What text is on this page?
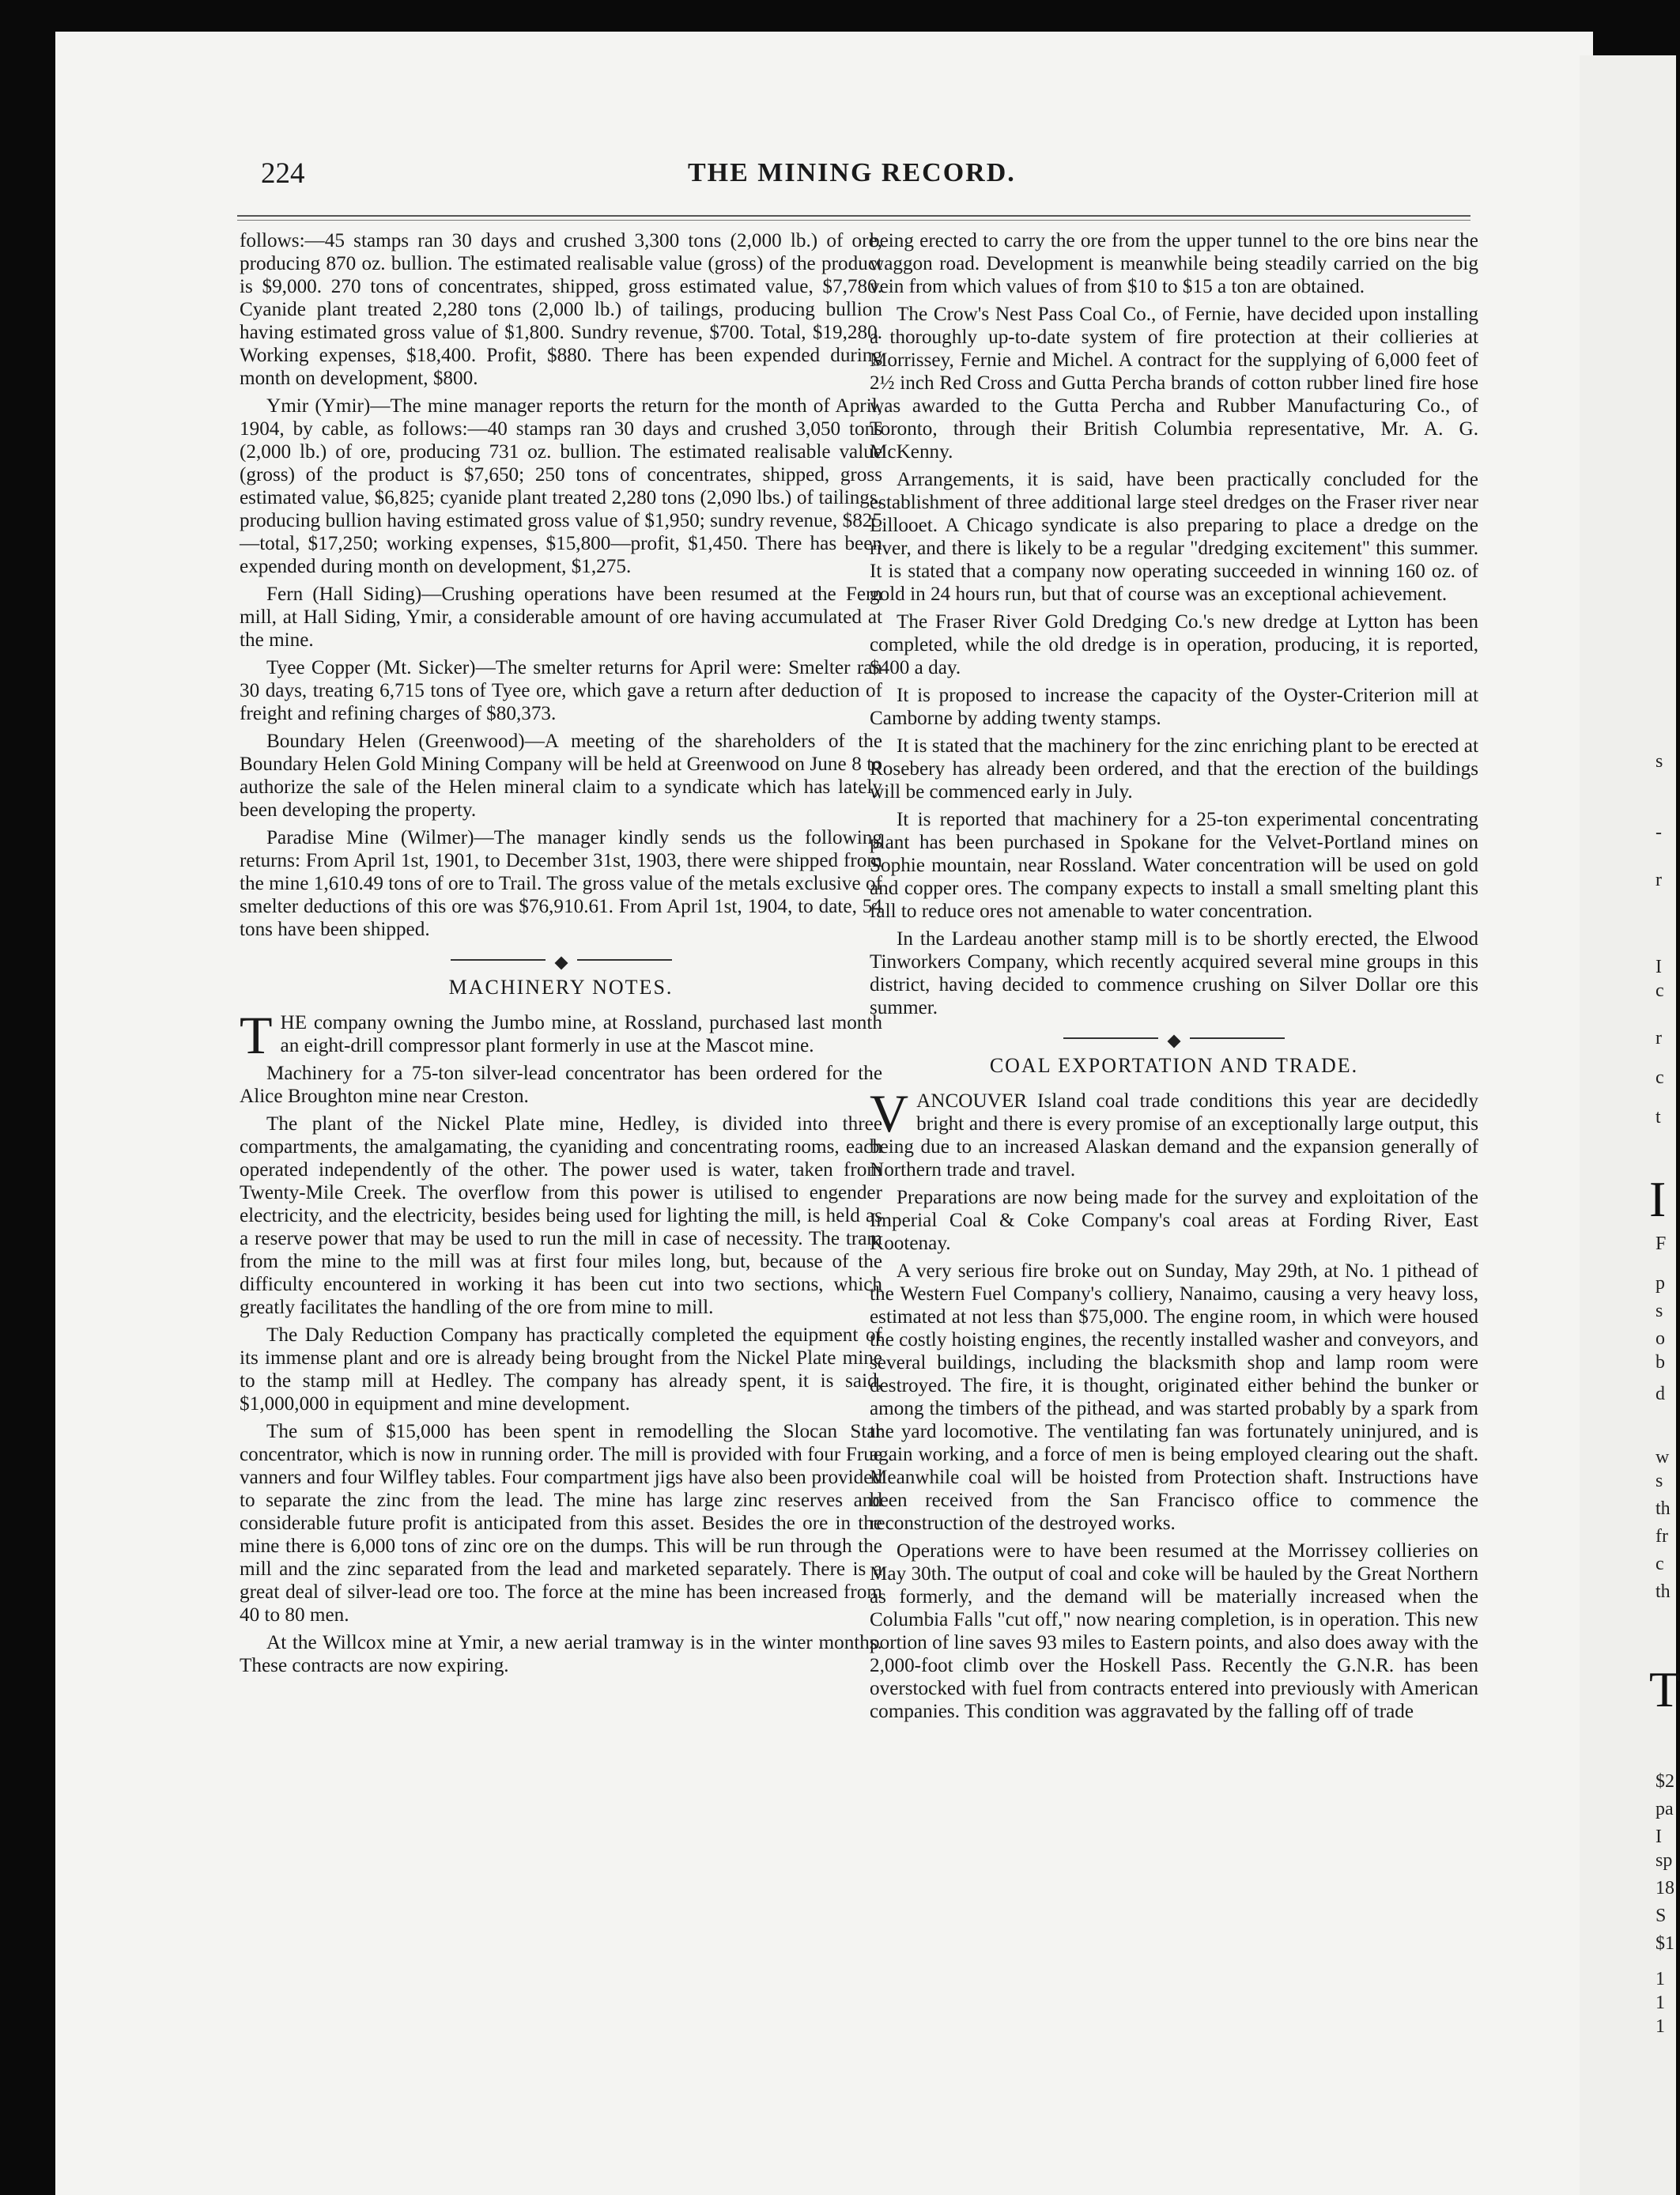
s
-
r
I
c
r
c
t
I
F
p
s
o
b
d
w
s
th
fr
c
th
T
$2
pa
I
sp
18
S
$1
1
1
1
224	THE MINING RECORD.

follows:—45 stamps ran 30 days and crushed 3,300 tons (2,000 lb.) of ore, producing 870 oz. bullion. The estimated realisable value (gross) of the product is $9,000. 270 tons of concentrates, shipped, gross estimated value, $7,780. Cyanide plant treated 2,280 tons (2,000 lb.) of tailings, producing bullion having estimated gross value of $1,800. Sundry revenue, $700. Total, $19,280. Working expenses, $18,400. Profit, $880. There has been expended during month on development, $800.

Ymir (Ymir)—The mine manager reports the return for the month of April, 1904, by cable, as follows:—40 stamps ran 30 days and crushed 3,050 tons (2,000 lb.) of ore, producing 731 oz. bullion. The estimated realisable value (gross) of the product is $7,650; 250 tons of concentrates, shipped, gross estimated value, $6,825; cyanide plant treated 2,280 tons (2,090 lbs.) of tailings, producing bullion having estimated gross value of $1,950; sundry revenue, $825—total, $17,250; working expenses, $15,800—profit, $1,450. There has been expended during month on development, $1,275.

Fern (Hall Siding)—Crushing operations have been resumed at the Fern mill, at Hall Siding, Ymir, a considerable amount of ore having accumulated at the mine.

Tyee Copper (Mt. Sicker)—The smelter returns for April were: Smelter ran 30 days, treating 6,715 tons of Tyee ore, which gave a return after deduction of freight and refining charges of $80,373.

Boundary Helen (Greenwood)—A meeting of the shareholders of the Boundary Helen Gold Mining Company will be held at Greenwood on June 8 to authorize the sale of the Helen mineral claim to a syndicate which has lately been developing the property.

Paradise Mine (Wilmer)—The manager kindly sends us the following returns: From April 1st, 1901, to December 31st, 1903, there were shipped from the mine 1,610.49 tons of ore to Trail. The gross value of the metals exclusive of smelter deductions of this ore was $76,910.61. From April 1st, 1904, to date, 54 tons have been shipped.

MACHINERY NOTES.

T HE company owning the Jumbo mine, at Rossland, purchased last month an eight-drill compressor plant formerly in use at the Mascot mine.

Machinery for a 75-ton silver-lead concentrator has been ordered for the Alice Broughton mine near Creston.

The plant of the Nickel Plate mine, Hedley, is divided into three compartments, the amalgamating, the cyaniding and concentrating rooms, each operated independently of the other. The power used is water, taken from Twenty-Mile Creek. The overflow from this power is utilised to engender electricity, and the electricity, besides being used for lighting the mill, is held as a reserve power that may be used to run the mill in case of necessity. The tram from the mine to the mill was at first four miles long, but, because of the difficulty encountered in working it has been cut into two sections, which greatly facilitates the handling of the ore from mine to mill.

The Daly Reduction Company has practically completed the equipment of its immense plant and ore is already being brought from the Nickel Plate mine to the stamp mill at Hedley. The company has already spent, it is said, $1,000,000 in equipment and mine development.

The sum of $15,000 has been spent in remodelling the Slocan Star concentrator, which is now in running order. The mill is provided with four Frue vanners and four Wilfley tables. Four compartment jigs have also been provided to separate the zinc from the lead. The mine has large zinc reserves and considerable future profit is anticipated from this asset. Besides the ore in the mine there is 6,000 tons of zinc ore on the dumps. This will be run through the mill and the zinc separated from the lead and marketed separately. There is a great deal of silver-lead ore too. The force at the mine has been increased from 40 to 80 men.

At the Willcox mine at Ymir, a new aerial tramway is in the winter months. These contracts are now expiring.

being erected to carry the ore from the upper tunnel to the ore bins near the waggon road. Development is meanwhile being steadily carried on the big vein from which values of from $10 to $15 a ton are obtained.

The Crow's Nest Pass Coal Co., of Fernie, have decided upon installing a thoroughly up-to-date system of fire protection at their collieries at Morrissey, Fernie and Michel. A contract for the supplying of 6,000 feet of 2½ inch Red Cross and Gutta Percha brands of cotton rubber lined fire hose was awarded to the Gutta Percha and Rubber Manufacturing Co., of Toronto, through their British Columbia representative, Mr. A. G. McKenny.

Arrangements, it is said, have been practically concluded for the establishment of three additional large steel dredges on the Fraser river near Lillooet. A Chicago syndicate is also preparing to place a dredge on the river, and there is likely to be a regular "dredging excitement" this summer. It is stated that a company now operating succeeded in winning 160 oz. of gold in 24 hours run, but that of course was an exceptional achievement.

The Fraser River Gold Dredging Co.'s new dredge at Lytton has been completed, while the old dredge is in operation, producing, it is reported, $400 a day.

It is proposed to increase the capacity of the Oyster-Criterion mill at Camborne by adding twenty stamps.

It is stated that the machinery for the zinc enriching plant to be erected at Rosebery has already been ordered, and that the erection of the buildings will be commenced early in July.

It is reported that machinery for a 25-ton experimental concentrating plant has been purchased in Spokane for the Velvet-Portland mines on Sophie mountain, near Rossland. Water concentration will be used on gold and copper ores. The company expects to install a small smelting plant this fall to reduce ores not amenable to water concentration.

In the Lardeau another stamp mill is to be shortly erected, the Elwood Tinworkers Company, which recently acquired several mine groups in this district, having decided to commence crushing on Silver Dollar ore this summer.

COAL EXPORTATION AND TRADE.

V ANCOUVER Island coal trade conditions this year are decidedly bright and there is every promise of an exceptionally large output, this being due to an increased Alaskan demand and the expansion generally of Northern trade and travel.

Preparations are now being made for the survey and exploitation of the Imperial Coal & Coke Company's coal areas at Fording River, East Kootenay.

A very serious fire broke out on Sunday, May 29th, at No. 1 pithead of the Western Fuel Company's colliery, Nanaimo, causing a very heavy loss, estimated at not less than $75,000. The engine room, in which were housed the costly hoisting engines, the recently installed washer and conveyors, and several buildings, including the blacksmith shop and lamp room were destroyed. The fire, it is thought, originated either behind the bunker or among the timbers of the pithead, and was started probably by a spark from the yard locomotive. The ventilating fan was fortunately uninjured, and is again working, and a force of men is being employed clearing out the shaft. Meanwhile coal will be hoisted from Protection shaft. Instructions have been received from the San Francisco office to commence the reconstruction of the destroyed works.

Operations were to have been resumed at the Morrissey collieries on May 30th. The output of coal and coke will be hauled by the Great Northern as formerly, and the demand will be materially increased when the Columbia Falls "cut off," now nearing completion, is in operation. This new portion of line saves 93 miles to Eastern points, and also does away with the 2,000-foot climb over the Hoskell Pass. Recently the G.N.R. has been overstocked with fuel from contracts entered into previously with American companies. This condition was aggravated by the falling off of trade
